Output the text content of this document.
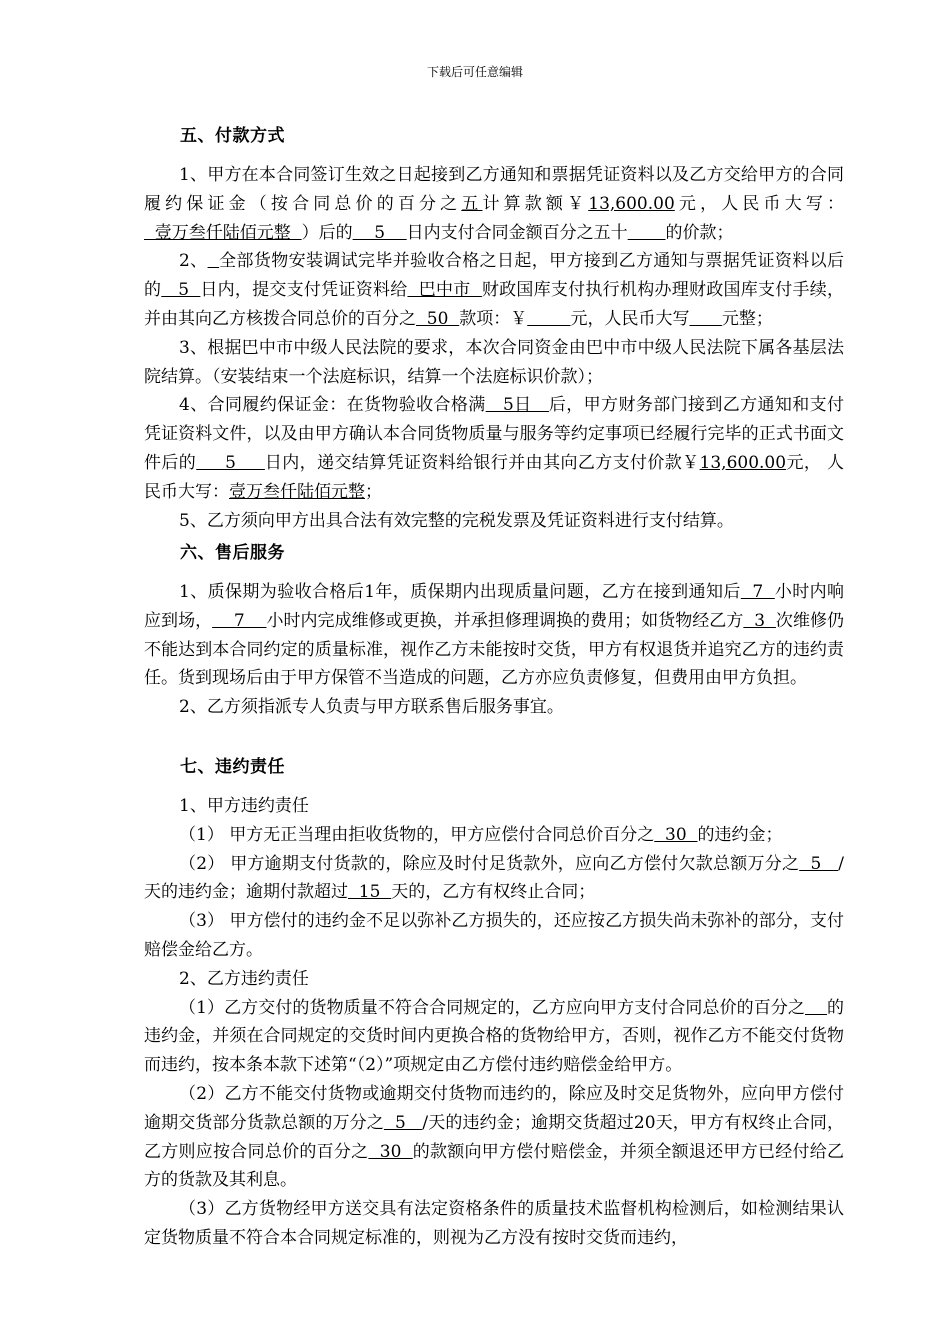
下载后可任意编辑
五、付款方式

1、甲方在本合同签订生效之日起接到乙方通知和票据凭证资料以及乙方交给甲方的合同履约保证金（按合同总价的百分之五计算款额￥13,600.00元，人民币大写：  壹万叁仟陆佰元整  ）后的    5    日内支付合同金额百分之五十 的价款；

2、 全部货物安装调试完毕并验收合格之日起，甲方接到乙方通知与票据凭证资料以后的   5  日内，提交支付凭证资料给  巴中市  财政国库支付执行机构办理财政国库支付手续，并由其向乙方核拨合同总价的百分之  50  款项：￥	元，人民币大写 元整；

3、根据巴中市中级人民法院的要求，本次合同资金由巴中市中级人民法院下属各基层法院结算。（安装结束一个法庭标识，结算一个法庭标识价款）；

4、合同履约保证金：在货物验收合格满   5日   后，甲方财务部门接到乙方通知和支付凭证资料文件，以及由甲方确认本合同货物质量与服务等约定事项已经履行完毕的正式书面文件后的     5     日内，递交结算凭证资料给银行并由其向乙方支付价款￥13,600.00元， 人民币大写：壹万叁仟陆佰元整；

5、乙方须向甲方出具合法有效完整的完税发票及凭证资料进行支付结算。

六、售后服务

1、质保期为验收合格后1年，质保期内出现质量问题，乙方在接到通知后  7  小时内响应到场，    7    小时内完成维修或更换，并承担修理调换的费用；如货物经乙方  3  次维修仍不能达到本合同约定的质量标准，视作乙方未能按时交货，甲方有权退货并追究乙方的违约责任。货到现场后由于甲方保管不当造成的问题，乙方亦应负责修复，但费用由甲方负担。

2、乙方须指派专人负责与甲方联系售后服务事宜。

七、违约责任

1、甲方违约责任

（1） 甲方无正当理由拒收货物的，甲方应偿付合同总价百分之  30  的违约金；

（2） 甲方逾期支付货款的，除应及时付足货款外，应向乙方偿付欠款总额万分之  5   /天的违约金；逾期付款超过  15  天的，乙方有权终止合同；

（3） 甲方偿付的违约金不足以弥补乙方损失的，还应按乙方损失尚未弥补的部分，支付赔偿金给乙方。

2、乙方违约责任

（1）乙方交付的货物质量不符合合同规定的，乙方应向甲方支付合同总价的百分之 的违约金，并须在合同规定的交货时间内更换合格的货物给甲方，否则，视作乙方不能交付货物而违约，按本条本款下述第“（2）”项规定由乙方偿付违约赔偿金给甲方。

（2）乙方不能交付货物或逾期交付货物而违约的，除应及时交足货物外，应向甲方偿付逾期交货部分货款总额的万分之  5   /天的违约金；逾期交货超过20天，甲方有权终止合同，乙方则应按合同总价的百分之  30  的款额向甲方偿付赔偿金，并须全额退还甲方已经付给乙方的货款及其利息。

（3）乙方货物经甲方送交具有法定资格条件的质量技术监督机构检测后，如检测结果认定货物质量不符合本合同规定标准的，则视为乙方没有按时交货而违约，
